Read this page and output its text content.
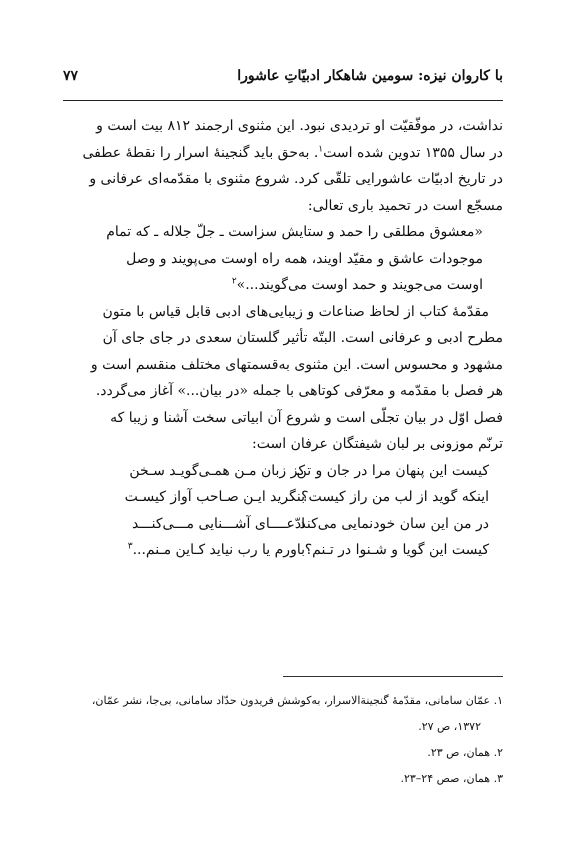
با کاروان نیزه: سومین شاهکار ادبیّاتِ عاشورا
۷۷

نداشت، در موفّقیّت او تردیدی نبود. این مثنوی ارجمند ۸۱۲ بیت است و

در سال ۱۳۵۵ تدوین شده است$^۱$. به‌حق باید گنجینهٔ اسرار را نقطهٔ عطفی

در تاریخ ادبیّات عاشورایی تلقّی کرد. شروع مثنوی با مقدّمه‌ای عرفانی و

مسجّع است در تحمید باری تعالی:

«معشوق مطلقی را حمد و ستایش سزاست ـ جلّ جلاله ـ که تمام

موجودات عاشق و مقیّد اویند، همه راه اوست می‌پویند و وصل

اوست می‌جویند و حمد اوست می‌گویند...»$^۲$

مقدّمهٔ کتاب از لحاظ صناعات و زیبایی‌های ادبی قابل قیاس با متون

مطرح ادبی و عرفانی است. البتّه تأثیر گلستان سعدی در جای جای آن

مشهود و محسوس است. این مثنوی به‌قسمتهای مختلف منقسم است و

هر فصل با مقدّمه و معرّفی کوتاهی با جمله «در بیان...» آغاز می‌گردد.

فصل اوّل در بیان تجلّی است و شروع آن ابیاتی سخت آشنا و زیبا که

ترنّم موزونی بر لبان شیفتگان عرفان است:

کیست این پنهان مرا در جان و تن
کز زبان مـن همـی‌گویـد سـخن
اینکه گوید از لب من راز کیست؟
بنگرید ایـن صـاحب آواز کیسـت
در من این سان خودنمایی می‌کند
ادّعــــای آشـــنایی مـــی‌کنـــد
کیست این گویا و شـنوا در تـنم؟
باورم یا رب نیاید کـاین مـنم...$^۳$

۱. عمّان سامانی، مقدّمهٔ گنجینةالاسرار، به‌کوشش فریدون حدّاد سامانی، بی‌جا، نشر عمّان،

۱۳۷۲، ص ۲۷.

۲. همان، ص ۲۳.

۳. همان، صص ۲۴–۲۳.
